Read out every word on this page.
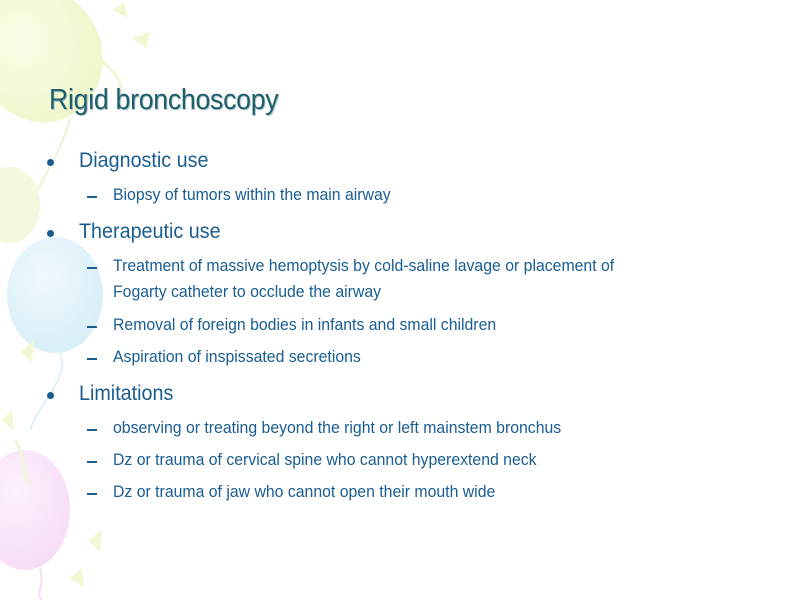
Rigid bronchoscopy
Diagnostic use
Biopsy of tumors within the main airway
Therapeutic use
Treatment of massive hemoptysis by cold-saline lavage or placement of
Fogarty catheter to occlude the airway
Removal of foreign bodies in infants and small children
Aspiration of inspissated secretions
Limitations
observing or treating beyond the right or left mainstem bronchus
Dz or trauma of cervical spine who cannot hyperextend neck
Dz or trauma of jaw who cannot open their mouth wide
